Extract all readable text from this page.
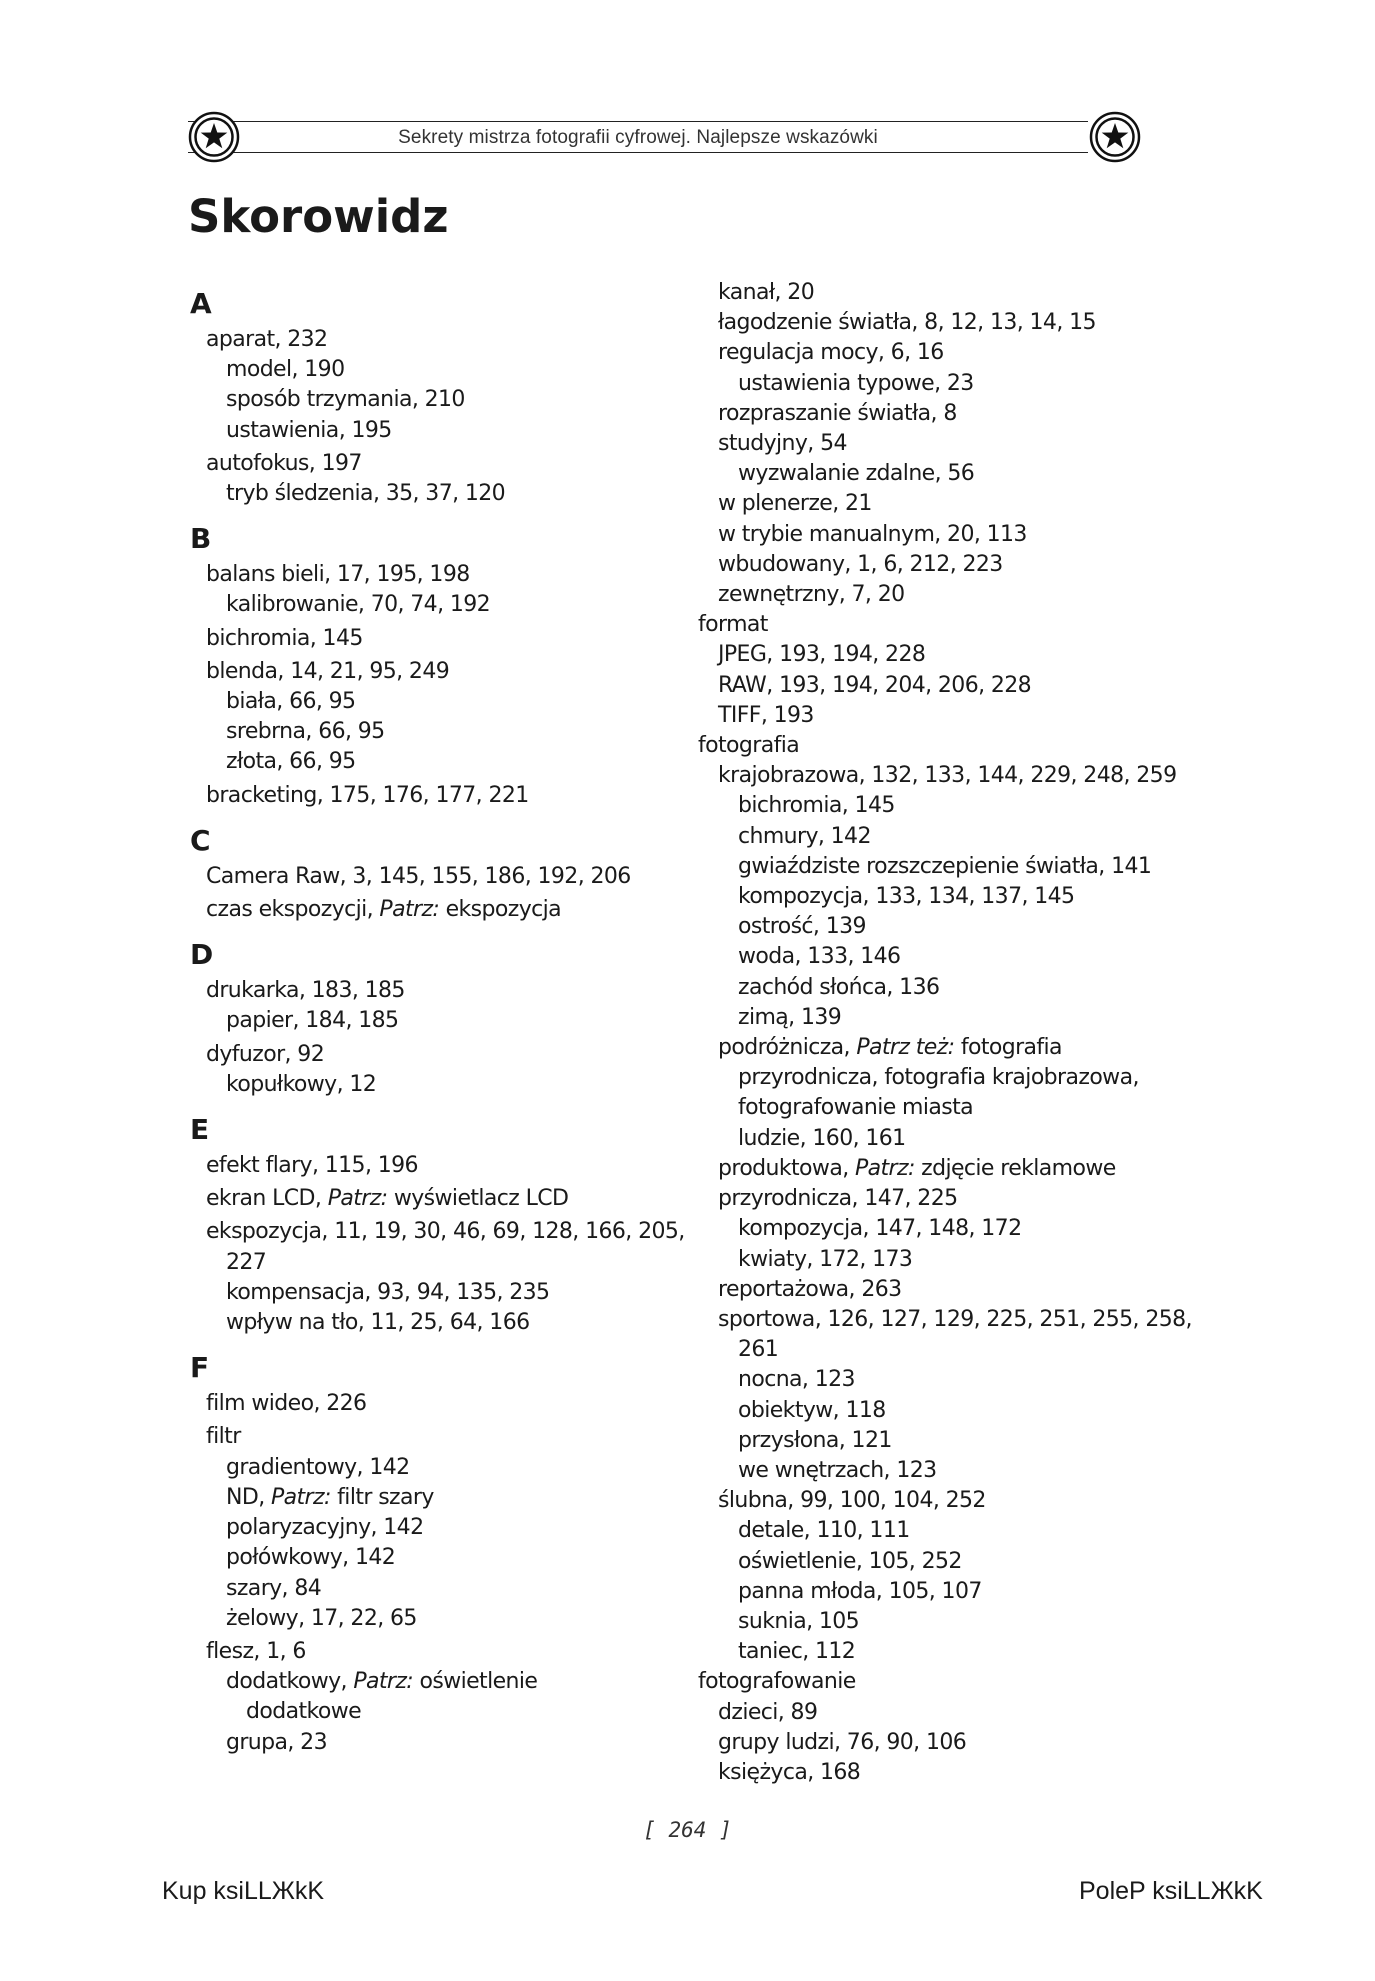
Sekrety mistrza fotografii cyfrowej. Najlepsze wskazówki
Skorowidz
A
aparat, 232
model, 190
sposób trzymania, 210
ustawienia, 195
autofokus, 197
tryb śledzenia, 35, 37, 120
B
balans bieli, 17, 195, 198
kalibrowanie, 70, 74, 192
bichromia, 145
blenda, 14, 21, 95, 249
biała, 66, 95
srebrna, 66, 95
złota, 66, 95
bracketing, 175, 176, 177, 221
C
Camera Raw, 3, 145, 155, 186, 192, 206
czas ekspozycji, Patrz: ekspozycja
D
drukarka, 183, 185
papier, 184, 185
dyfuzor, 92
kopułkowy, 12
E
efekt flary, 115, 196
ekran LCD, Patrz: wyświetlacz LCD
ekspozycja, 11, 19, 30, 46, 69, 128, 166, 205,
227
kompensacja, 93, 94, 135, 235
wpływ na tło, 11, 25, 64, 166
F
film wideo, 226
filtr
gradientowy, 142
ND, Patrz: filtr szary
polaryzacyjny, 142
połówkowy, 142
szary, 84
żelowy, 17, 22, 65
flesz, 1, 6
dodatkowy, Patrz: oświetlenie
dodatkowe
grupa, 23
kanał, 20
łagodzenie światła, 8, 12, 13, 14, 15
regulacja mocy, 6, 16
ustawienia typowe, 23
rozpraszanie światła, 8
studyjny, 54
wyzwalanie zdalne, 56
w plenerze, 21
w trybie manualnym, 20, 113
wbudowany, 1, 6, 212, 223
zewnętrzny, 7, 20
format
JPEG, 193, 194, 228
RAW, 193, 194, 204, 206, 228
TIFF, 193
fotografia
krajobrazowa, 132, 133, 144, 229, 248, 259
bichromia, 145
chmury, 142
gwiaździste rozszczepienie światła, 141
kompozycja, 133, 134, 137, 145
ostrość, 139
woda, 133, 146
zachód słońca, 136
zimą, 139
podróżnicza, Patrz też: fotografia
przyrodnicza, fotografia krajobrazowa,
fotografowanie miasta
ludzie, 160, 161
produktowa, Patrz: zdjęcie reklamowe
przyrodnicza, 147, 225
kompozycja, 147, 148, 172
kwiaty, 172, 173
reportażowa, 263
sportowa, 126, 127, 129, 225, 251, 255, 258,
261
nocna, 123
obiektyw, 118
przysłona, 121
we wnętrzach, 123
ślubna, 99, 100, 104, 252
detale, 110, 111
oświetlenie, 105, 252
panna młoda, 105, 107
suknia, 105
taniec, 112
fotografowanie
dzieci, 89
grupy ludzi, 76, 90, 106
księżyca, 168
[ 264 ]
Kup ksiLLЖkK	PoleP ksiLLЖkK
